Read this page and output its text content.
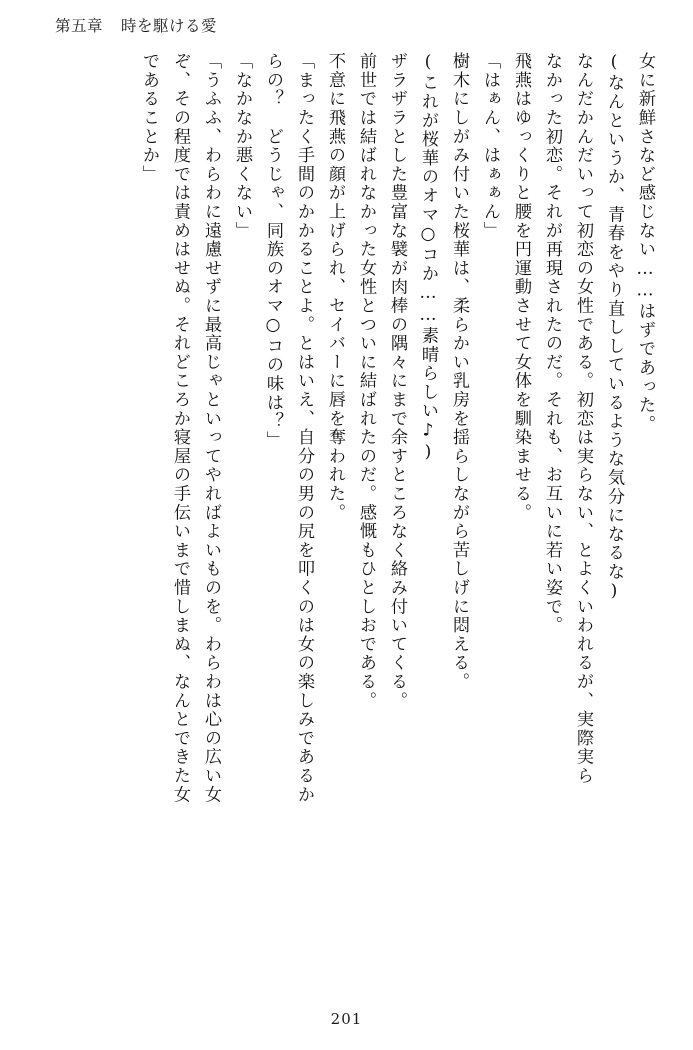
第五章 時を駆ける愛
女に新鮮さなど感じない……はずであった。
(なんというか、青春をやり直ししているような気分になるな)
なんだかんだいって初恋の女性である。初恋は実らない、とよくいわれるが、実際実ら
なかった初恋。それが再現されたのだ。それも、お互いに若い姿で。
飛燕はゆっくりと腰を円運動させて女体を馴染ませる。
「はぁん、はぁぁん」
樹木にしがみ付いた桜華は、柔らかい乳房を揺らしながら苦しげに悶える。
(これが桜華のオマ○コか……素晴らしい♪)
ザラザラとした豊富な襞が肉棒の隅々にまで余すところなく絡み付いてくる。
前世では結ばれなかった女性とついに結ばれたのだ。感慨もひとしおである。
不意に飛燕の顔が上げられ、セイバーに唇を奪われた。
「まったく手間のかかることよ。とはいえ、自分の男の尻を叩くのは女の楽しみであるか
らの？　どうじゃ、同族のオマ○コの味は？」
「なかなか悪くない」
「うふふ、わらわに遠慮せずに最高じゃといってやればよいものを。わらわは心の広い女
ぞ、その程度では責めはせぬ。それどころか寝屋の手伝いまで惜しまぬ、なんとできた女
であることか」
201
